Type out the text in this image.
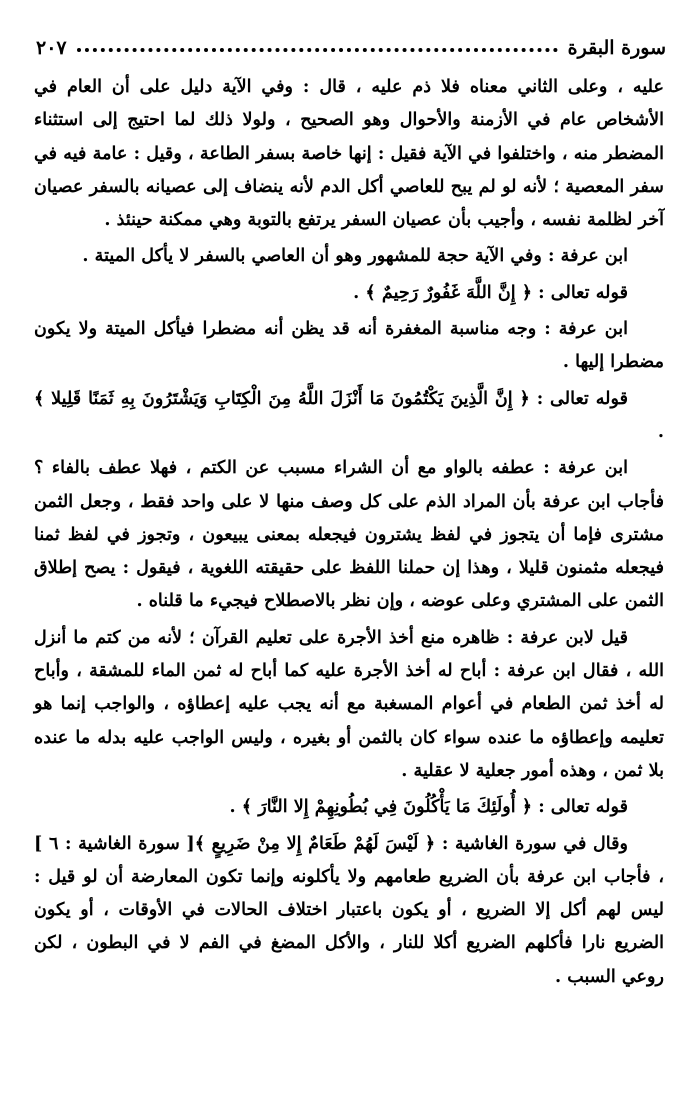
سورة البقرة
٢٠٧

عليه ، وعلى الثاني معناه فلا ذم عليه ، قال : وفي الآية دليل على أن العام في الأشخاص عام في الأزمنة والأحوال وهو الصحيح ، ولولا ذلك لما احتيج إلى استثناء المضطر منه ، واختلفوا في الآية فقيل : إنها خاصة بسفر الطاعة ، وقيل : عامة فيه في سفر المعصية ؛ لأنه لو لم يبح للعاصي أكل الدم لأنه ينضاف إلى عصيانه بالسفر عصيان آخر لظلمة نفسه ، وأجيب بأن عصيان السفر يرتفع بالتوبة وهي ممكنة حينئذ .

ابن عرفة : وفي الآية حجة للمشهور وهو أن العاصي بالسفر لا يأكل الميتة .

قوله تعالى : ﴿ إِنَّ اللَّهَ غَفُورٌ رَحِيمٌ ﴾ .

ابن عرفة : وجه مناسبة المغفرة أنه قد يظن أنه مضطرا فيأكل الميتة ولا يكون مضطرا إليها .

قوله تعالى : ﴿ إِنَّ الَّذِينَ يَكْتُمُونَ مَا أَنْزَلَ اللَّهُ مِنَ الْكِتَابِ وَيَشْتَرُونَ بِهِ ثَمَنًا قَلِيلا ﴾ .

ابن عرفة : عطفه بالواو مع أن الشراء مسبب عن الكتم ، فهلا عطف بالفاء ؟ فأجاب ابن عرفة بأن المراد الذم على كل وصف منها لا على واحد فقط ، وجعل الثمن مشترى فإما أن يتجوز في لفظ يشترون فيجعله بمعنى يبيعون ، وتجوز في لفظ ثمنا فيجعله مثمنون قليلا ، وهذا إن حملنا اللفظ على حقيقته اللغوية ، فيقول : يصح إطلاق الثمن على المشتري وعلى عوضه ، وإن نظر بالاصطلاح فيجيء ما قلناه .

قيل لابن عرفة : ظاهره منع أخذ الأجرة على تعليم القرآن ؛ لأنه من كتم ما أنزل الله ، فقال ابن عرفة : أباح له أخذ الأجرة عليه كما أباح له ثمن الماء للمشقة ، وأباح له أخذ ثمن الطعام في أعوام المسغبة مع أنه يجب عليه إعطاؤه ، والواجب إنما هو تعليمه وإعطاؤه ما عنده سواء كان بالثمن أو بغيره ، وليس الواجب عليه بدله ما عنده بلا ثمن ، وهذه أمور جعلية لا عقلية .

قوله تعالى : ﴿ أُولَئِكَ مَا يَأْكُلُونَ فِي بُطُونِهِمْ إِلا النَّارَ ﴾ .

وقال في سورة الغاشية : ﴿ لَيْسَ لَهُمْ طَعَامٌ إِلا مِنْ ضَرِيعٍ ﴾[ سورة الغاشية : ٦ ] ، فأجاب ابن عرفة بأن الضريع طعامهم ولا يأكلونه وإنما تكون المعارضة أن لو قيل : ليس لهم أكل إلا الضريع ، أو يكون باعتبار اختلاف الحالات في الأوقات ، أو يكون الضريع نارا فأكلهم الضريع أكلا للنار ، والأكل المضغ في الفم لا في البطون ، لكن روعي السبب .
